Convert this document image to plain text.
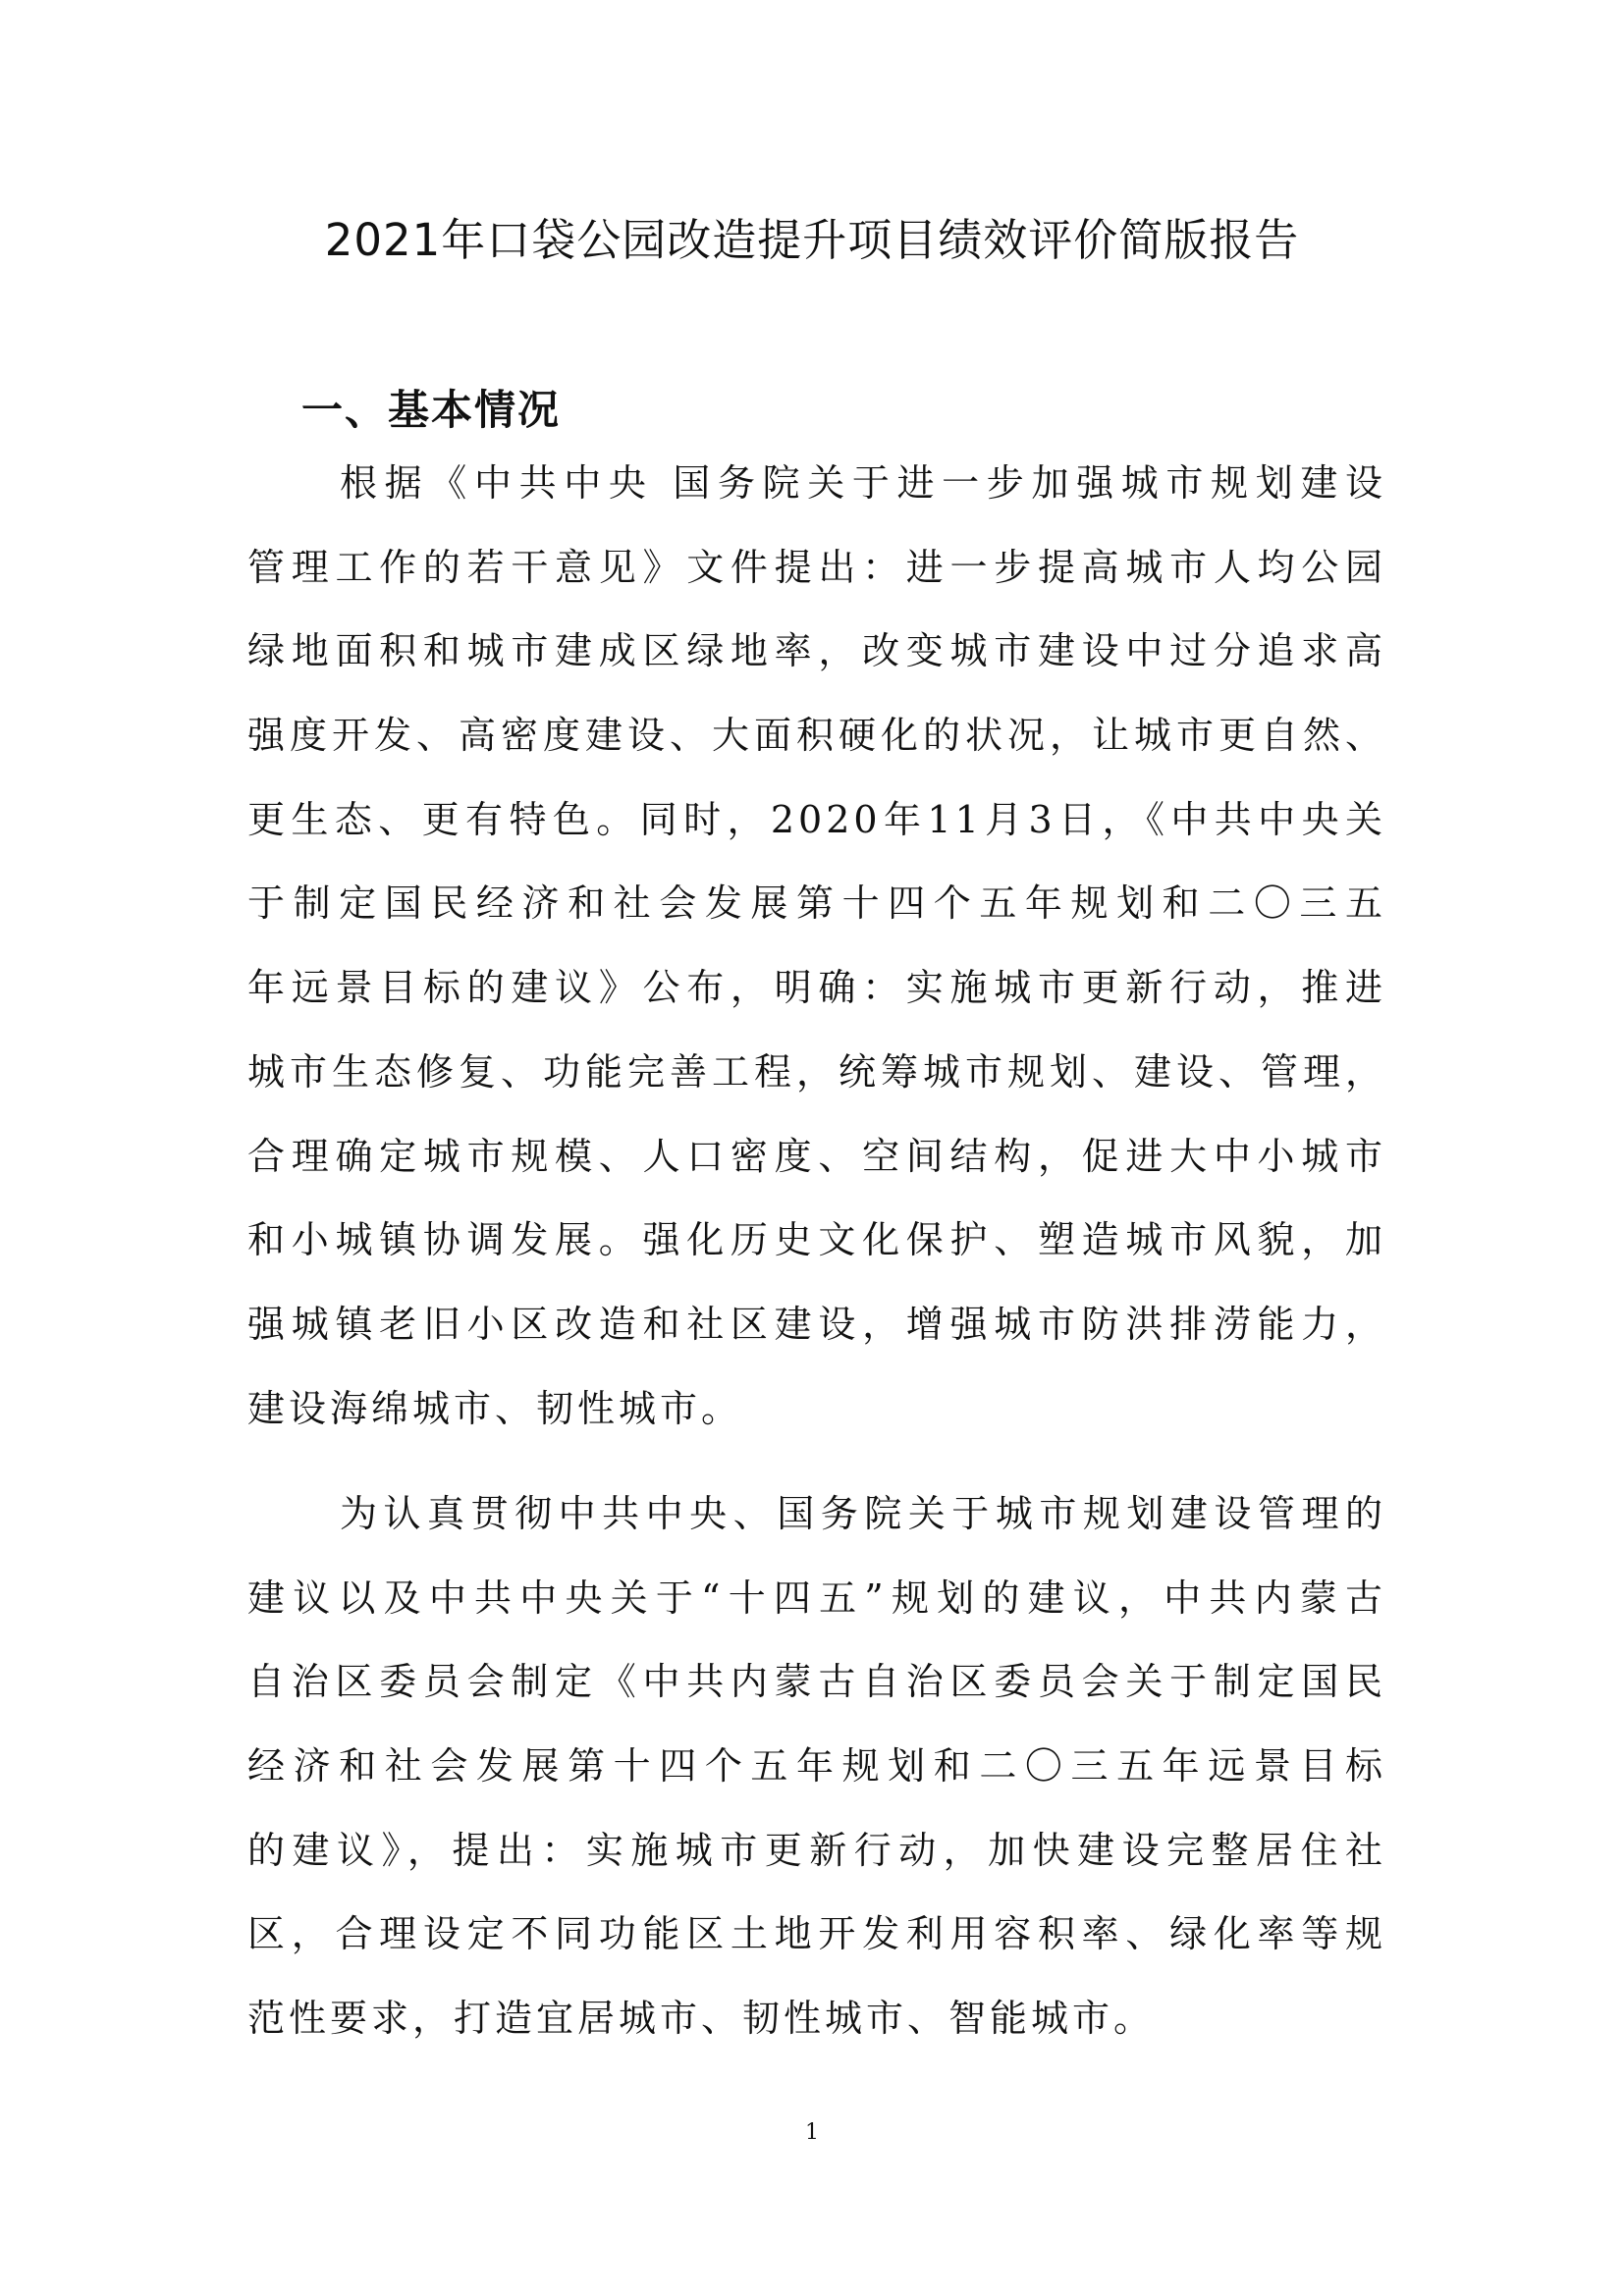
2021年口袋公园改造提升项目绩效评价简版报告
一、基本情况
根据《中共中央 国务院关于进一步加强城市规划建设
管理工作的若干意见》文件提出：进一步提高城市人均公园
绿地面积和城市建成区绿地率，改变城市建设中过分追求高
强度开发、高密度建设、大面积硬化的状况，让城市更自然、
更生态、更有特色。同时，2020年11月3日，《中共中央关
于制定国民经济和社会发展第十四个五年规划和二〇三五
年远景目标的建议》公布，明确：实施城市更新行动，推进
城市生态修复、功能完善工程，统筹城市规划、建设、管理，
合理确定城市规模、人口密度、空间结构，促进大中小城市
和小城镇协调发展。强化历史文化保护、塑造城市风貌，加
强城镇老旧小区改造和社区建设，增强城市防洪排涝能力，
建设海绵城市、韧性城市。
为认真贯彻中共中央、国务院关于城市规划建设管理的
建议以及中共中央关于“十四五”规划的建议，中共内蒙古
自治区委员会制定《中共内蒙古自治区委员会关于制定国民
经济和社会发展第十四个五年规划和二〇三五年远景目标
的建议》，提出：实施城市更新行动，加快建设完整居住社
区，合理设定不同功能区土地开发利用容积率、绿化率等规
范性要求，打造宜居城市、韧性城市、智能城市。
1
